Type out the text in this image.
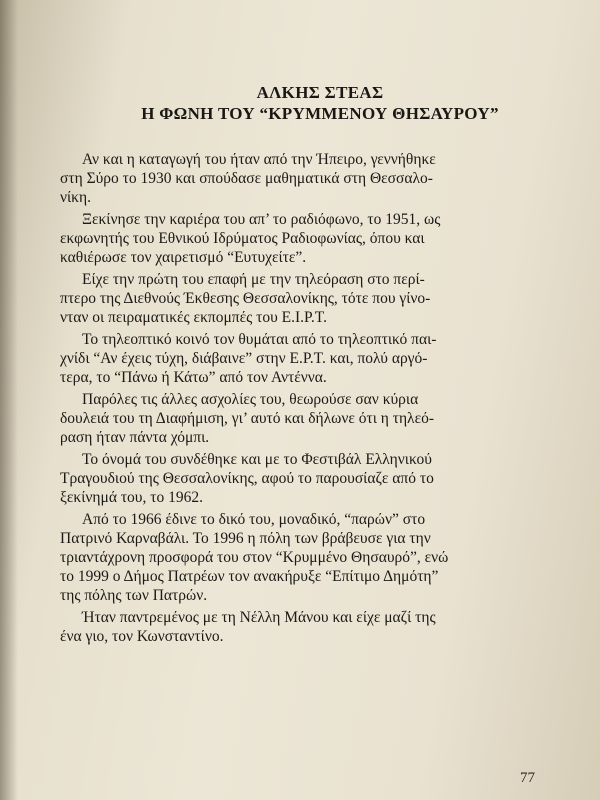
ΑΛΚΗΣ ΣΤΕΑΣ
Η ΦΩΝΗ ΤΟΥ “ΚΡΥΜΜΕΝΟΥ ΘΗΣΑΥΡΟΥ”

Αν και η καταγωγή του ήταν από την Ήπειρο, γεννήθηκε
στη Σύρο το 1930 και σπούδασε μαθηματικά στη Θεσσαλο-
νίκη.

Ξεκίνησε την καριέρα του απ’ το ραδιόφωνο, το 1951, ως
εκφωνητής του Εθνικού Ιδρύματος Ραδιοφωνίας, όπου και
καθιέρωσε τον χαιρετισμό “Ευτυχείτε”.

Είχε την πρώτη του επαφή με την τηλεόραση στο περί-
πτερο της Διεθνούς Έκθεσης Θεσσαλονίκης, τότε που γίνο-
νταν οι πειραματικές εκπομπές του Ε.Ι.Ρ.Τ.

Το τηλεοπτικό κοινό τον θυμάται από το τηλεοπτικό παι-
χνίδι “Αν έχεις τύχη, διάβαινε” στην Ε.Ρ.Τ. και, πολύ αργό-
τερα, το “Πάνω ή Κάτω” από τον Αντέννα.

Παρόλες τις άλλες ασχολίες του, θεωρούσε σαν κύρια
δουλειά του τη Διαφήμιση, γι’ αυτό και δήλωνε ότι η τηλεό-
ραση ήταν πάντα χόμπι.

Το όνομά του συνδέθηκε και με το Φεστιβάλ Ελληνικού
Τραγουδιού της Θεσσαλονίκης, αφού το παρουσίαζε από το
ξεκίνημά του, το 1962.

Από το 1966 έδινε το δικό του, μοναδικό, “παρών” στο
Πατρινό Καρναβάλι. Το 1996 η πόλη των βράβευσε για την
τριαντάχρονη προσφορά του στον “Κρυμμένο Θησαυρό”, ενώ
το 1999 ο Δήμος Πατρέων τον ανακήρυξε “Επίτιμο Δημότη”
της πόλης των Πατρών.

Ήταν παντρεμένος με τη Νέλλη Μάνου και είχε μαζί της
ένα γιο, τον Κωνσταντίνο.

77
